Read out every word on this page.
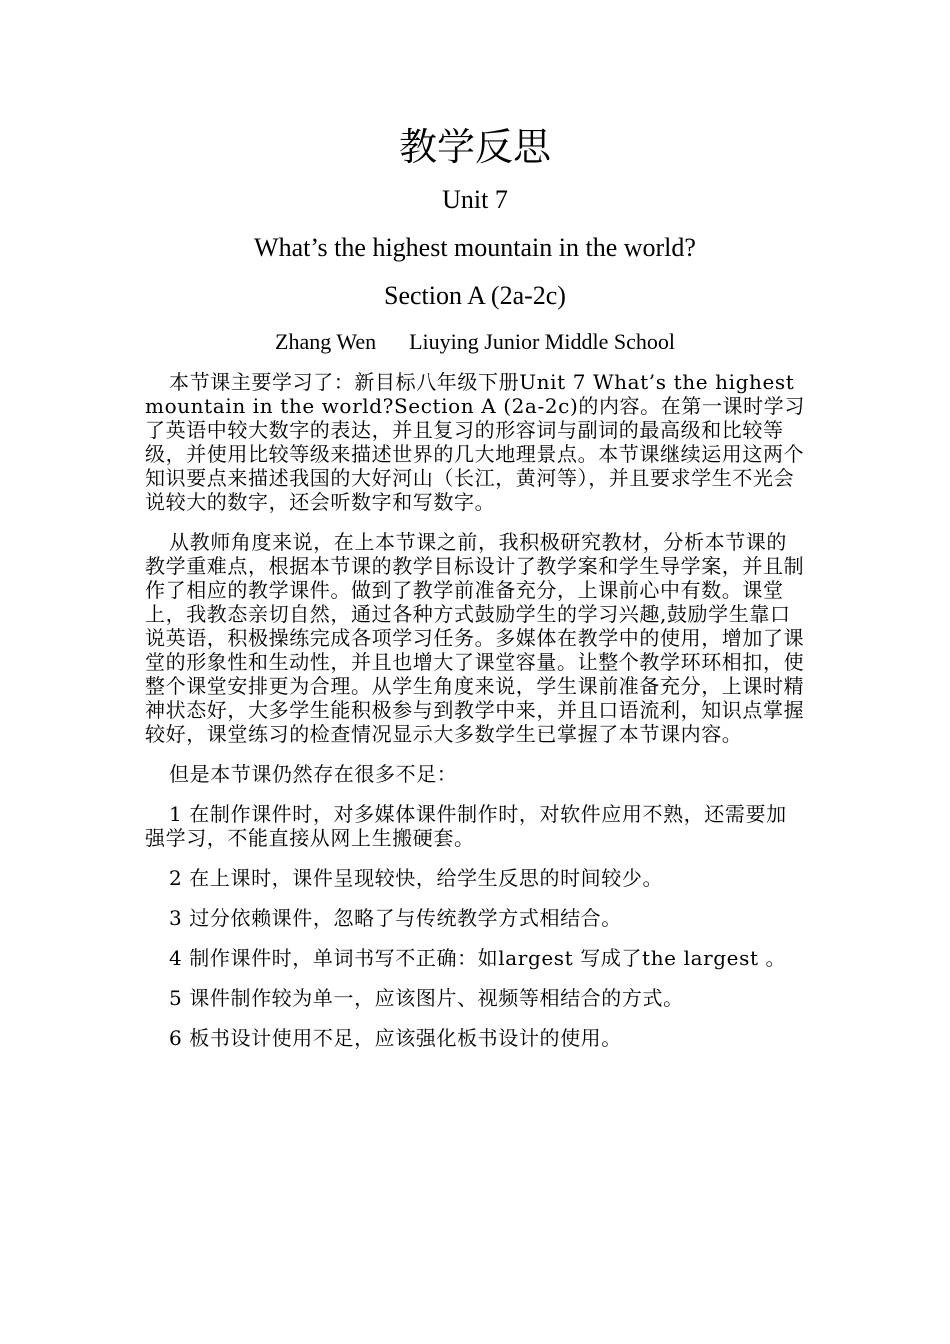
教学反思

Unit 7

What’s the highest mountain in the world?

Section A (2a-2c)

Zhang Wen      Liuying Junior Middle School

本节课主要学习了：新目标八年级下册Unit 7 What’s the highest mountain in the world?Section A (2a-2c)的内容。在第一课时学习了英语中较大数字的表达，并且复习的形容词与副词的最高级和比较等级，并使用比较等级来描述世界的几大地理景点。本节课继续运用这两个知识要点来描述我国的大好河山（长江，黄河等），并且要求学生不光会说较大的数字，还会听数字和写数字。

从教师角度来说，在上本节课之前，我积极研究教材，分析本节课的教学重难点，根据本节课的教学目标设计了教学案和学生导学案，并且制作了相应的教学课件。做到了教学前准备充分，上课前心中有数。课堂上，我教态亲切自然，通过各种方式鼓励学生的学习兴趣,鼓励学生靠口说英语，积极操练完成各项学习任务。多媒体在教学中的使用，增加了课堂的形象性和生动性，并且也增大了课堂容量。让整个教学环环相扣，使整个课堂安排更为合理。从学生角度来说，学生课前准备充分，上课时精神状态好，大多学生能积极参与到教学中来，并且口语流利，知识点掌握较好，课堂练习的检查情况显示大多数学生已掌握了本节课内容。

但是本节课仍然存在很多不足：

1 在制作课件时，对多媒体课件制作时，对软件应用不熟，还需要加强学习，不能直接从网上生搬硬套。

2 在上课时，课件呈现较快，给学生反思的时间较少。

3 过分依赖课件，忽略了与传统教学方式相结合。

4 制作课件时，单词书写不正确：如largest 写成了the largest 。

5 课件制作较为单一，应该图片、视频等相结合的方式。

6 板书设计使用不足，应该强化板书设计的使用。
